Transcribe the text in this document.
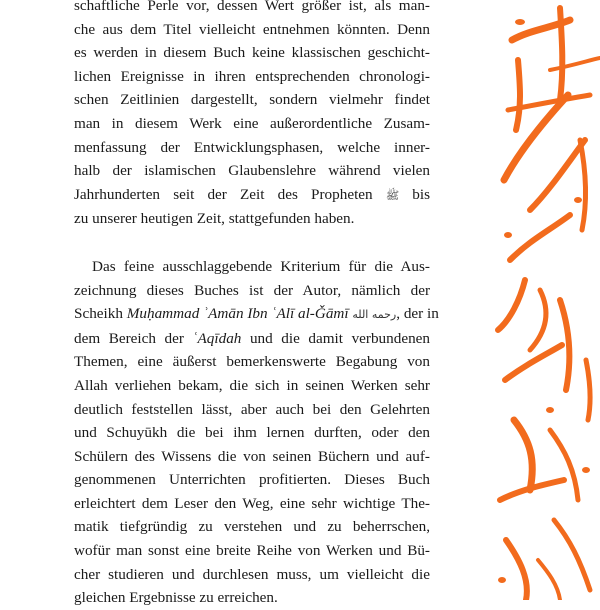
schaftliche Perle vor, dessen Wert größer ist, als man-
che aus dem Titel vielleicht entnehmen könnten. Denn
es werden in diesem Buch keine klassischen geschicht-
lichen Ereignisse in ihren entsprechenden chronologi-
schen Zeitlinien dargestellt, sondern vielmehr findet
man in diesem Werk eine außerordentliche Zusam-
menfassung der Entwicklungsphasen, welche inner-
halb der islamischen Glaubenslehre während vielen
Jahrhunderten seit der Zeit des Propheten ﷺ bis
zu unserer heutigen Zeit, stattgefunden haben.

Das feine ausschlaggebende Kriterium für die Aus-
zeichnung dieses Buches ist der Autor, nämlich der
Scheikh Muḥammad ʾAmān Ibn ʿAlī al-Ǧāmī رحمه الله, der in
dem Bereich der ʿAqīdah und die damit verbundenen
Themen, eine äußerst bemerkenswerte Begabung von
Allah verliehen bekam, die sich in seinen Werken sehr
deutlich feststellen lässt, aber auch bei den Gelehrten
und Schuyūkh die bei ihm lernen durften, oder den
Schülern des Wissens die von seinen Büchern und auf-
genommenen Unterrichten profitierten. Dieses Buch
erleichtert dem Leser den Weg, eine sehr wichtige The-
matik tiefgründig zu verstehen und zu beherrschen,
wofür man sonst eine breite Reihe von Werken und Bü-
cher studieren und durchlesen muss, um vielleicht die
gleichen Ergebnisse zu erreichen.
